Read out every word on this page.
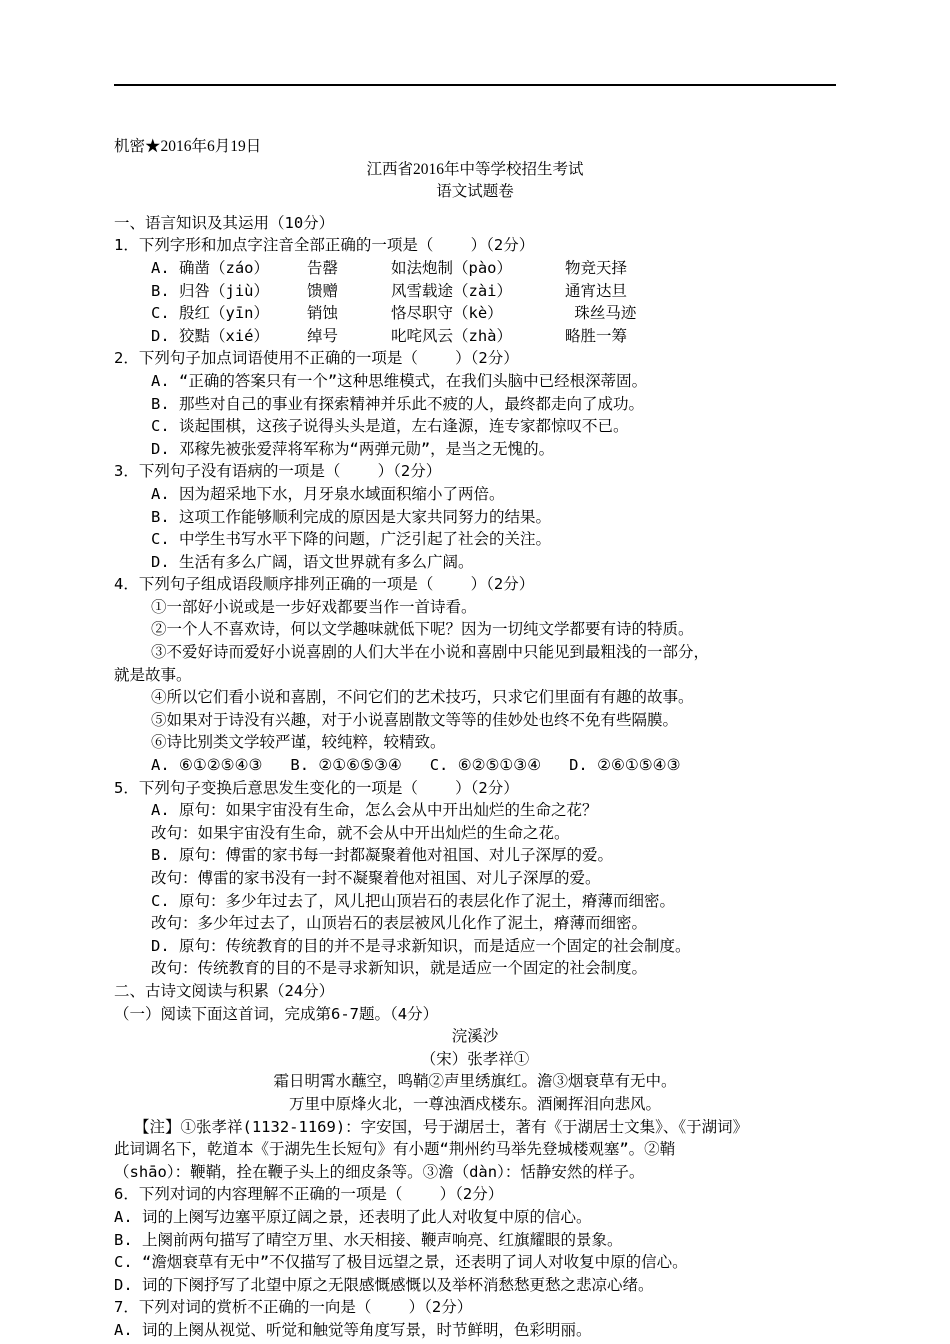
机密★2016年6月19日
江西省2016年中等学校招生考试
语文试题卷
一、语言知识及其运用（10分）
1．下列字形和加点字注音全部正确的一项是（    ）（2分）
A. 确凿（záo）	告罄	如法炮制（pào）	物竞天择
B. 归咎（jiù）	馈赠	风雪载途（zài）	通宵达旦
C. 殷红（yīn）	销蚀	恪尽职守（kè）	珠丝马迹
D. 狡黠（xié）	绰号	叱咤风云（zhà）	略胜一筹
2．下列句子加点词语使用不正确的一项是（    ）（2分）
A. “正确的答案只有一个”这种思维模式，在我们头脑中已经根深蒂固。
B. 那些对自己的事业有探索精神并乐此不疲的人，最终都走向了成功。
C. 谈起围棋，这孩子说得头头是道，左右逢源，连专家都惊叹不已。
D. 邓稼先被张爱萍将军称为“两弹元勋”，是当之无愧的。
3．下列句子没有语病的一项是（    ）（2分）
A. 因为超采地下水，月牙泉水域面积缩小了两倍。
B. 这项工作能够顺利完成的原因是大家共同努力的结果。
C. 中学生书写水平下降的问题，广泛引起了社会的关注。
D. 生活有多么广阔，语文世界就有多么广阔。
4．下列句子组成语段顺序排列正确的一项是（    ）（2分）
①一部好小说或是一步好戏都要当作一首诗看。
②一个人不喜欢诗，何以文学趣味就低下呢？因为一切纯文学都要有诗的特质。
③不爱好诗而爱好小说喜剧的人们大半在小说和喜剧中只能见到最粗浅的一部分，
就是故事。
④所以它们看小说和喜剧，不问它们的艺术技巧，只求它们里面有有趣的故事。
⑤如果对于诗没有兴趣，对于小说喜剧散文等等的佳妙处也终不免有些隔膜。
⑥诗比别类文学较严谨，较纯粹，较精致。
A. ⑥①②⑤④③   B. ②①⑥⑤③④   C. ⑥②⑤①③④   D. ②⑥①⑤④③
5．下列句子变换后意思发生变化的一项是（    ）（2分）
A. 原句：如果宇宙没有生命，怎么会从中开出灿烂的生命之花？
改句：如果宇宙没有生命，就不会从中开出灿烂的生命之花。
B. 原句：傅雷的家书每一封都凝聚着他对祖国、对儿子深厚的爱。
改句：傅雷的家书没有一封不凝聚着他对祖国、对儿子深厚的爱。
C. 原句：多少年过去了，风儿把山顶岩石的表层化作了泥土，瘠薄而细密。
改句：多少年过去了，山顶岩石的表层被风儿化作了泥土，瘠薄而细密。
D. 原句：传统教育的目的并不是寻求新知识，而是适应一个固定的社会制度。
改句：传统教育的目的不是寻求新知识，就是适应一个固定的社会制度。
二、古诗文阅读与积累（24分）
（一）阅读下面这首词，完成第6-7题。（4分）
浣溪沙
（宋）张孝祥①
霜日明霄水蘸空，鸣鞘②声里绣旗红。澹③烟衰草有无中。
万里中原烽火北，一尊浊酒戍楼东。酒阑挥泪向悲风。
【注】①张孝祥(1132-1169)：字安国，号于湖居士，著有《于湖居士文集》、《于湖词》
此词调名下，乾道本《于湖先生长短句》有小题“荆州约马举先登城楼观塞”。②鞘
（shāo）：鞭鞘，拴在鞭子头上的细皮条等。③澹（dàn）：恬静安然的样子。
6．下列对词的内容理解不正确的一项是（    ）（2分）
A. 词的上阕写边塞平原辽阔之景，还表明了此人对收复中原的信心。
B. 上阕前两句描写了晴空万里、水天相接、鞭声响亮、红旗耀眼的景象。
C. “澹烟衰草有无中”不仅描写了极目远望之景，还表明了词人对收复中原的信心。
D. 词的下阕抒写了北望中原之无限感慨感慨以及举杯消愁愁更愁之悲凉心绪。
7．下列对词的赏析不正确的一向是（    ）（2分）
A. 词的上阕从视觉、听觉和触觉等角度写景，时节鲜明，色彩明丽。
